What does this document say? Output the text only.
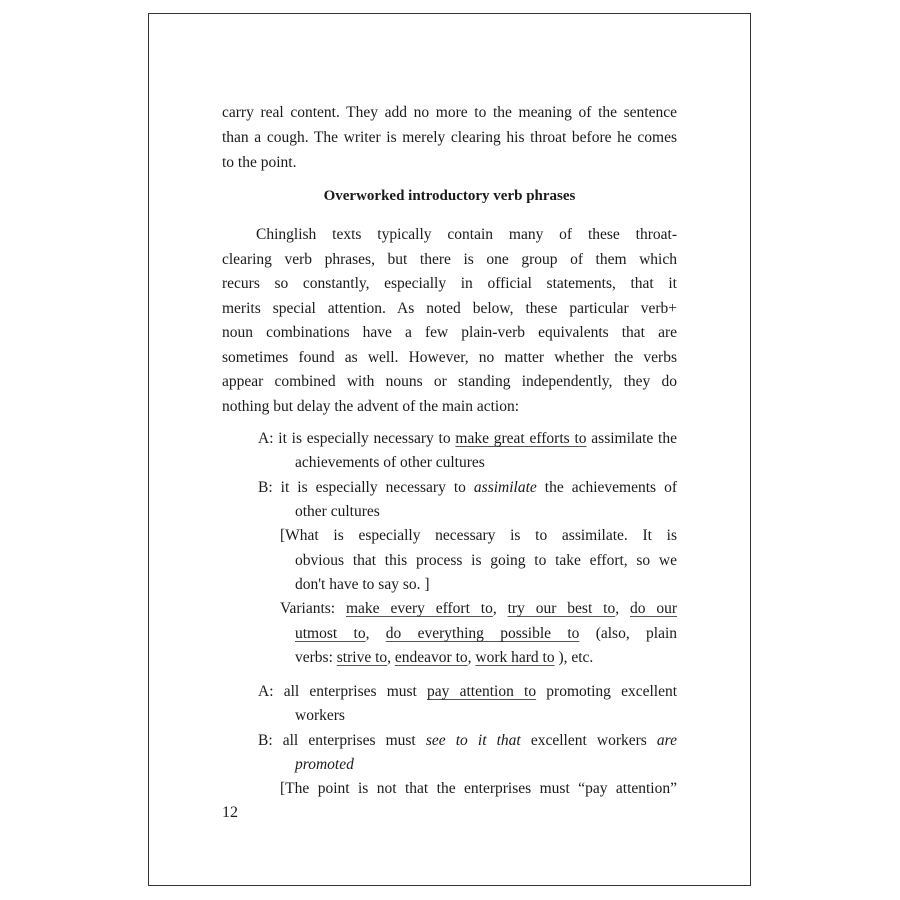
carry real content. They add no more to the meaning of the sentence
than a cough. The writer is merely clearing his throat before he comes
to the point.
Overworked introductory verb phrases
Chinglish texts typically contain many of these throat-
clearing verb phrases, but there is one group of them which
recurs so constantly, especially in official statements, that it
merits special attention. As noted below, these particular verb+
noun combinations have a few plain-verb equivalents that are
sometimes found as well. However, no matter whether the verbs
appear combined with nouns or standing independently, they do
nothing but delay the advent of the main action:
A: it is especially necessary to make great efforts to assimilate the
achievements of other cultures
B: it is especially necessary to assimilate the achievements of
other cultures
[What is especially necessary is to assimilate. It is
obvious that this process is going to take effort, so we
don't have to say so. ]
Variants: make every effort to, try our best to, do our
utmost to, do everything possible to (also, plain
verbs: strive to, endeavor to, work hard to ), etc.
A: all enterprises must pay attention to promoting excellent
workers
B: all enterprises must see to it that excellent workers are
promoted
[The point is not that the enterprises must “pay attention”
12
